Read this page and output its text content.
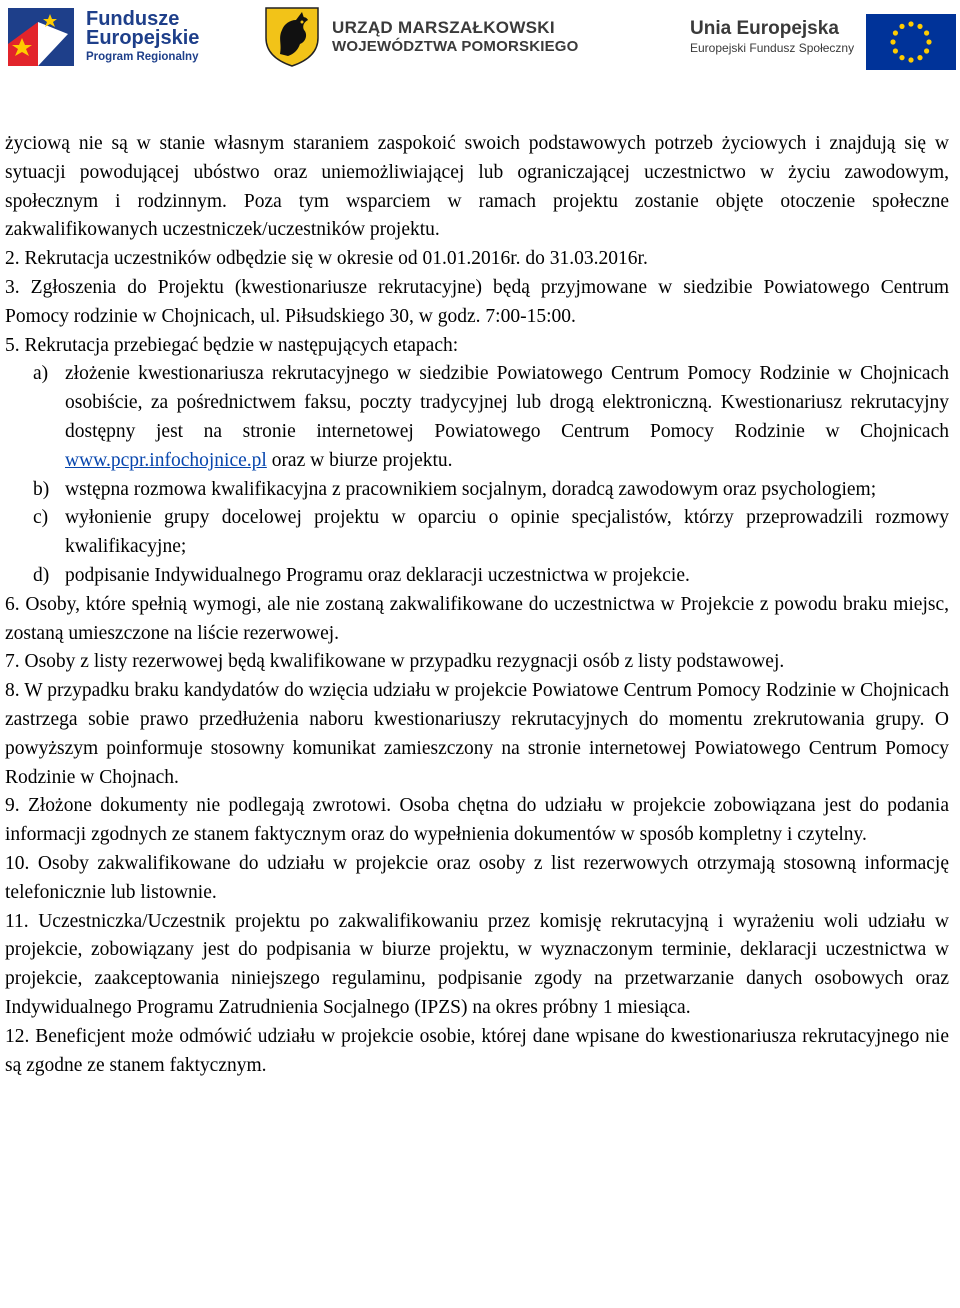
Fundusze
Europejskie
Program Regionalny
URZĄD MARSZAŁKOWSKI
WOJEWÓDZTWA POMORSKIEGO
Unia Europejska
Europejski Fundusz Społeczny

życiową nie są w stanie własnym staraniem zaspokoić swoich podstawowych potrzeb życiowych i znajdują się w sytuacji powodującej ubóstwo oraz uniemożliwiającej lub ograniczającej uczestnictwo w życiu zawodowym, społecznym i rodzinnym. Poza tym wsparciem w ramach projektu zostanie objęte otoczenie społeczne zakwalifikowanych uczestniczek/uczestników projektu.

2. Rekrutacja uczestników odbędzie się w okresie od 01.01.2016r. do 31.03.2016r.

3. Zgłoszenia do Projektu (kwestionariusze rekrutacyjne) będą przyjmowane w siedzibie Powiatowego Centrum Pomocy rodzinie w Chojnicach, ul. Piłsudskiego 30, w godz. 7:00-15:00.

5. Rekrutacja przebiegać będzie w następujących etapach:

a) złożenie kwestionariusza rekrutacyjnego w siedzibie Powiatowego Centrum Pomocy Rodzinie w Chojnicach osobiście, za pośrednictwem faksu, poczty tradycyjnej lub drogą elektroniczną. Kwestionariusz rekrutacyjny dostępny jest na stronie internetowej Powiatowego Centrum Pomocy Rodzinie w Chojnicach www.pcpr.infochojnice.pl oraz w biurze projektu.
b) wstępna rozmowa kwalifikacyjna z pracownikiem socjalnym, doradcą zawodowym oraz psychologiem;
c) wyłonienie grupy docelowej projektu w oparciu o opinie specjalistów, którzy przeprowadzili rozmowy kwalifikacyjne;
d) podpisanie Indywidualnego Programu oraz deklaracji uczestnictwa w projekcie.

6. Osoby, które spełnią wymogi, ale nie zostaną zakwalifikowane do uczestnictwa w Projekcie z powodu braku miejsc, zostaną umieszczone na liście rezerwowej.

7. Osoby z listy rezerwowej będą kwalifikowane w przypadku rezygnacji osób z listy podstawowej.

8. W przypadku braku kandydatów do wzięcia udziału w projekcie Powiatowe Centrum Pomocy Rodzinie w Chojnicach zastrzega sobie prawo przedłużenia naboru kwestionariuszy rekrutacyjnych do momentu zrekrutowania grupy. O powyższym poinformuje stosowny komunikat zamieszczony na stronie internetowej Powiatowego Centrum Pomocy Rodzinie w Chojnach.

9. Złożone dokumenty nie podlegają zwrotowi. Osoba chętna do udziału w projekcie zobowiązana jest do podania informacji zgodnych ze stanem faktycznym oraz do wypełnienia dokumentów w sposób kompletny i czytelny.

10. Osoby zakwalifikowane do udziału w projekcie oraz osoby z list rezerwowych otrzymają stosowną informację telefonicznie lub listownie.

11. Uczestniczka/Uczestnik projektu po zakwalifikowaniu przez komisję rekrutacyjną i wyrażeniu woli udziału w projekcie, zobowiązany jest do podpisania w biurze projektu, w wyznaczonym terminie, deklaracji uczestnictwa w projekcie, zaakceptowania niniejszego regulaminu, podpisanie zgody na przetwarzanie danych osobowych oraz Indywidualnego Programu Zatrudnienia Socjalnego (IPZS) na okres próbny 1 miesiąca.

12. Beneficjent może odmówić udziału w projekcie osobie, której dane wpisane do kwestionariusza rekrutacyjnego nie są zgodne ze stanem faktycznym.
